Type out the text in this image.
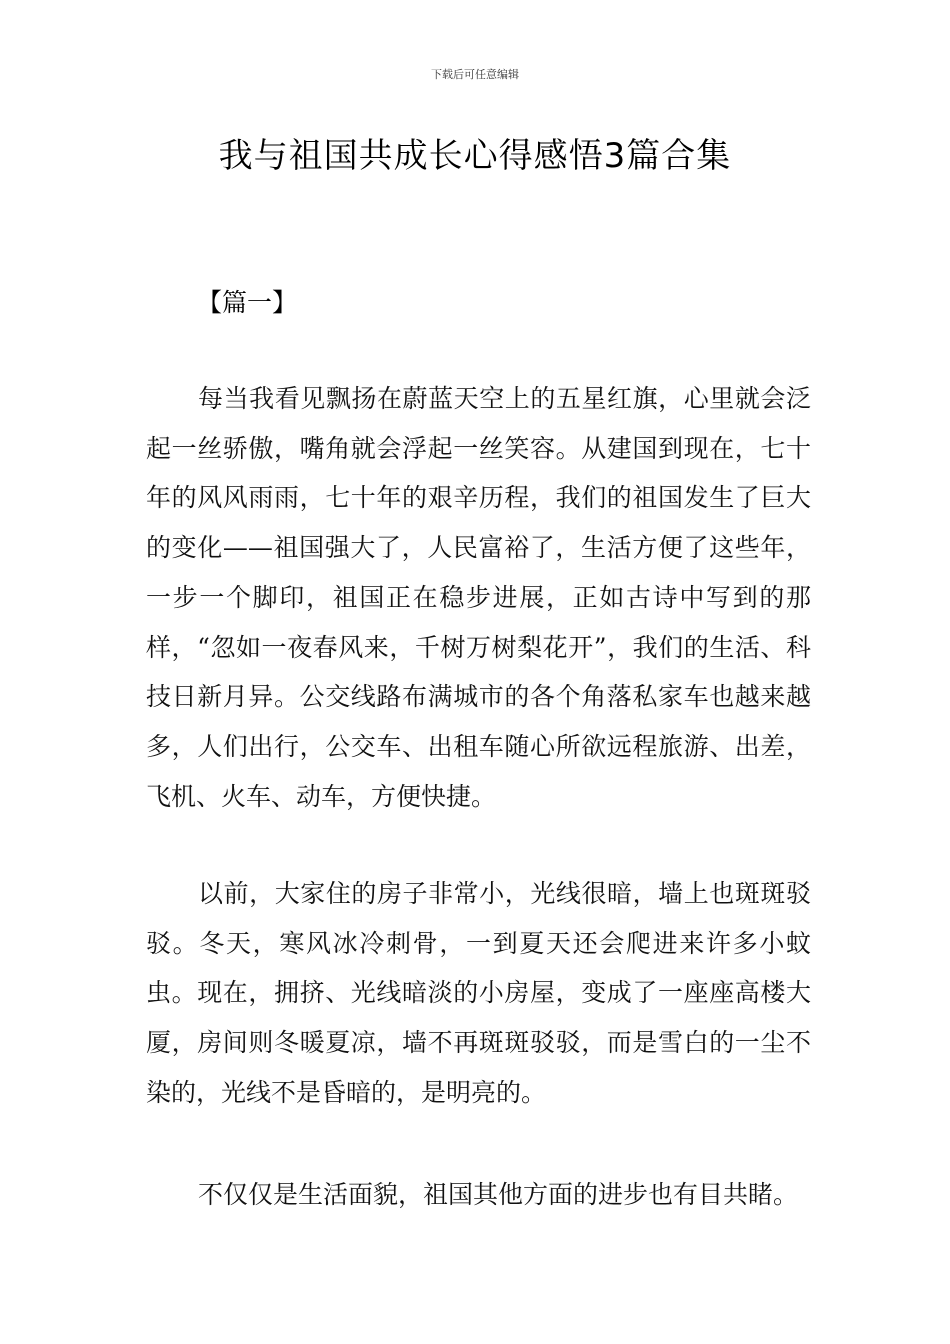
下载后可任意编辑
我与祖国共成长心得感悟3篇合集
【篇一】

每当我看见飘扬在蔚蓝天空上的五星红旗，心里就会泛起一丝骄傲，嘴角就会浮起一丝笑容。从建国到现在，七十年的风风雨雨，七十年的艰辛历程，我们的祖国发生了巨大的变化——祖国强大了，人民富裕了，生活方便了这些年，一步一个脚印，祖国正在稳步进展，正如古诗中写到的那样，“忽如一夜春风来，千树万树梨花开”，我们的生活、科技日新月异。公交线路布满城市的各个角落私家车也越来越多，人们出行，公交车、出租车随心所欲远程旅游、出差，飞机、火车、动车，方便快捷。

以前，大家住的房子非常小，光线很暗，墙上也斑斑驳驳。冬天，寒风冰冷刺骨，一到夏天还会爬进来许多小蚊虫。现在，拥挤、光线暗淡的小房屋，变成了一座座高楼大厦，房间则冬暖夏凉，墙不再斑斑驳驳，而是雪白的一尘不染的，光线不是昏暗的，是明亮的。

不仅仅是生活面貌，祖国其他方面的进步也有目共睹。
